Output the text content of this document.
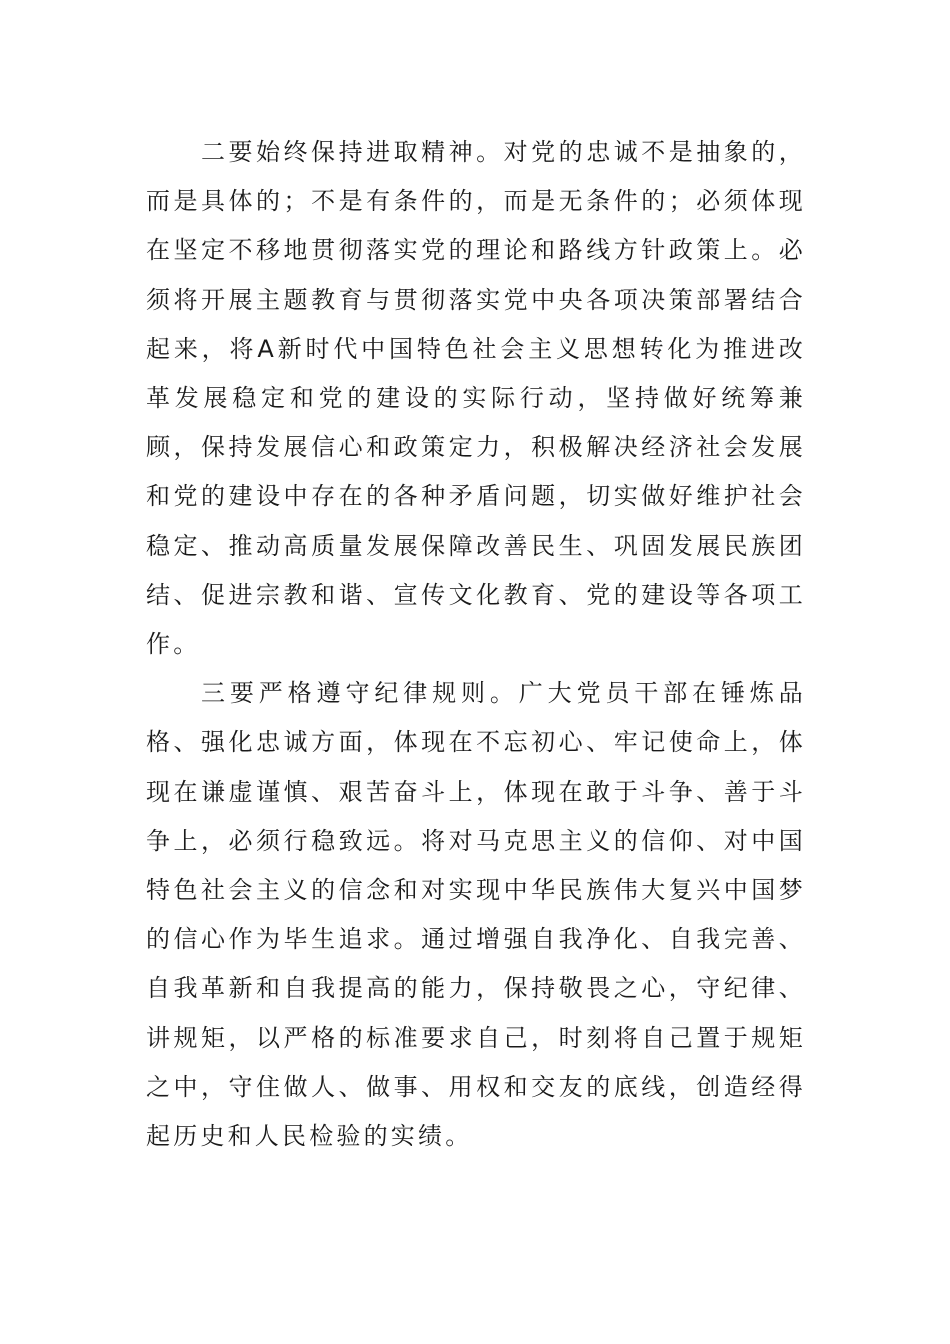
二要始终保持进取精神。对党的忠诚不是抽象的，而是具体的；不是有条件的，而是无条件的；必须体现在坚定不移地贯彻落实党的理论和路线方针政策上。必须将开展主题教育与贯彻落实党中央各项决策部署结合起来，将A新时代中国特色社会主义思想转化为推进改革发展稳定和党的建设的实际行动，坚持做好统筹兼顾，保持发展信心和政策定力，积极解决经济社会发展和党的建设中存在的各种矛盾问题，切实做好维护社会稳定、推动高质量发展保障改善民生、巩固发展民族团结、促进宗教和谐、宣传文化教育、党的建设等各项工作。

三要严格遵守纪律规则。广大党员干部在锤炼品格、强化忠诚方面，体现在不忘初心、牢记使命上，体现在谦虚谨慎、艰苦奋斗上，体现在敢于斗争、善于斗争上，必须行稳致远。将对马克思主义的信仰、对中国特色社会主义的信念和对实现中华民族伟大复兴中国梦的信心作为毕生追求。通过增强自我净化、自我完善、自我革新和自我提高的能力，保持敬畏之心，守纪律、讲规矩，以严格的标准要求自己，时刻将自己置于规矩之中，守住做人、做事、用权和交友的底线，创造经得起历史和人民检验的实绩。
